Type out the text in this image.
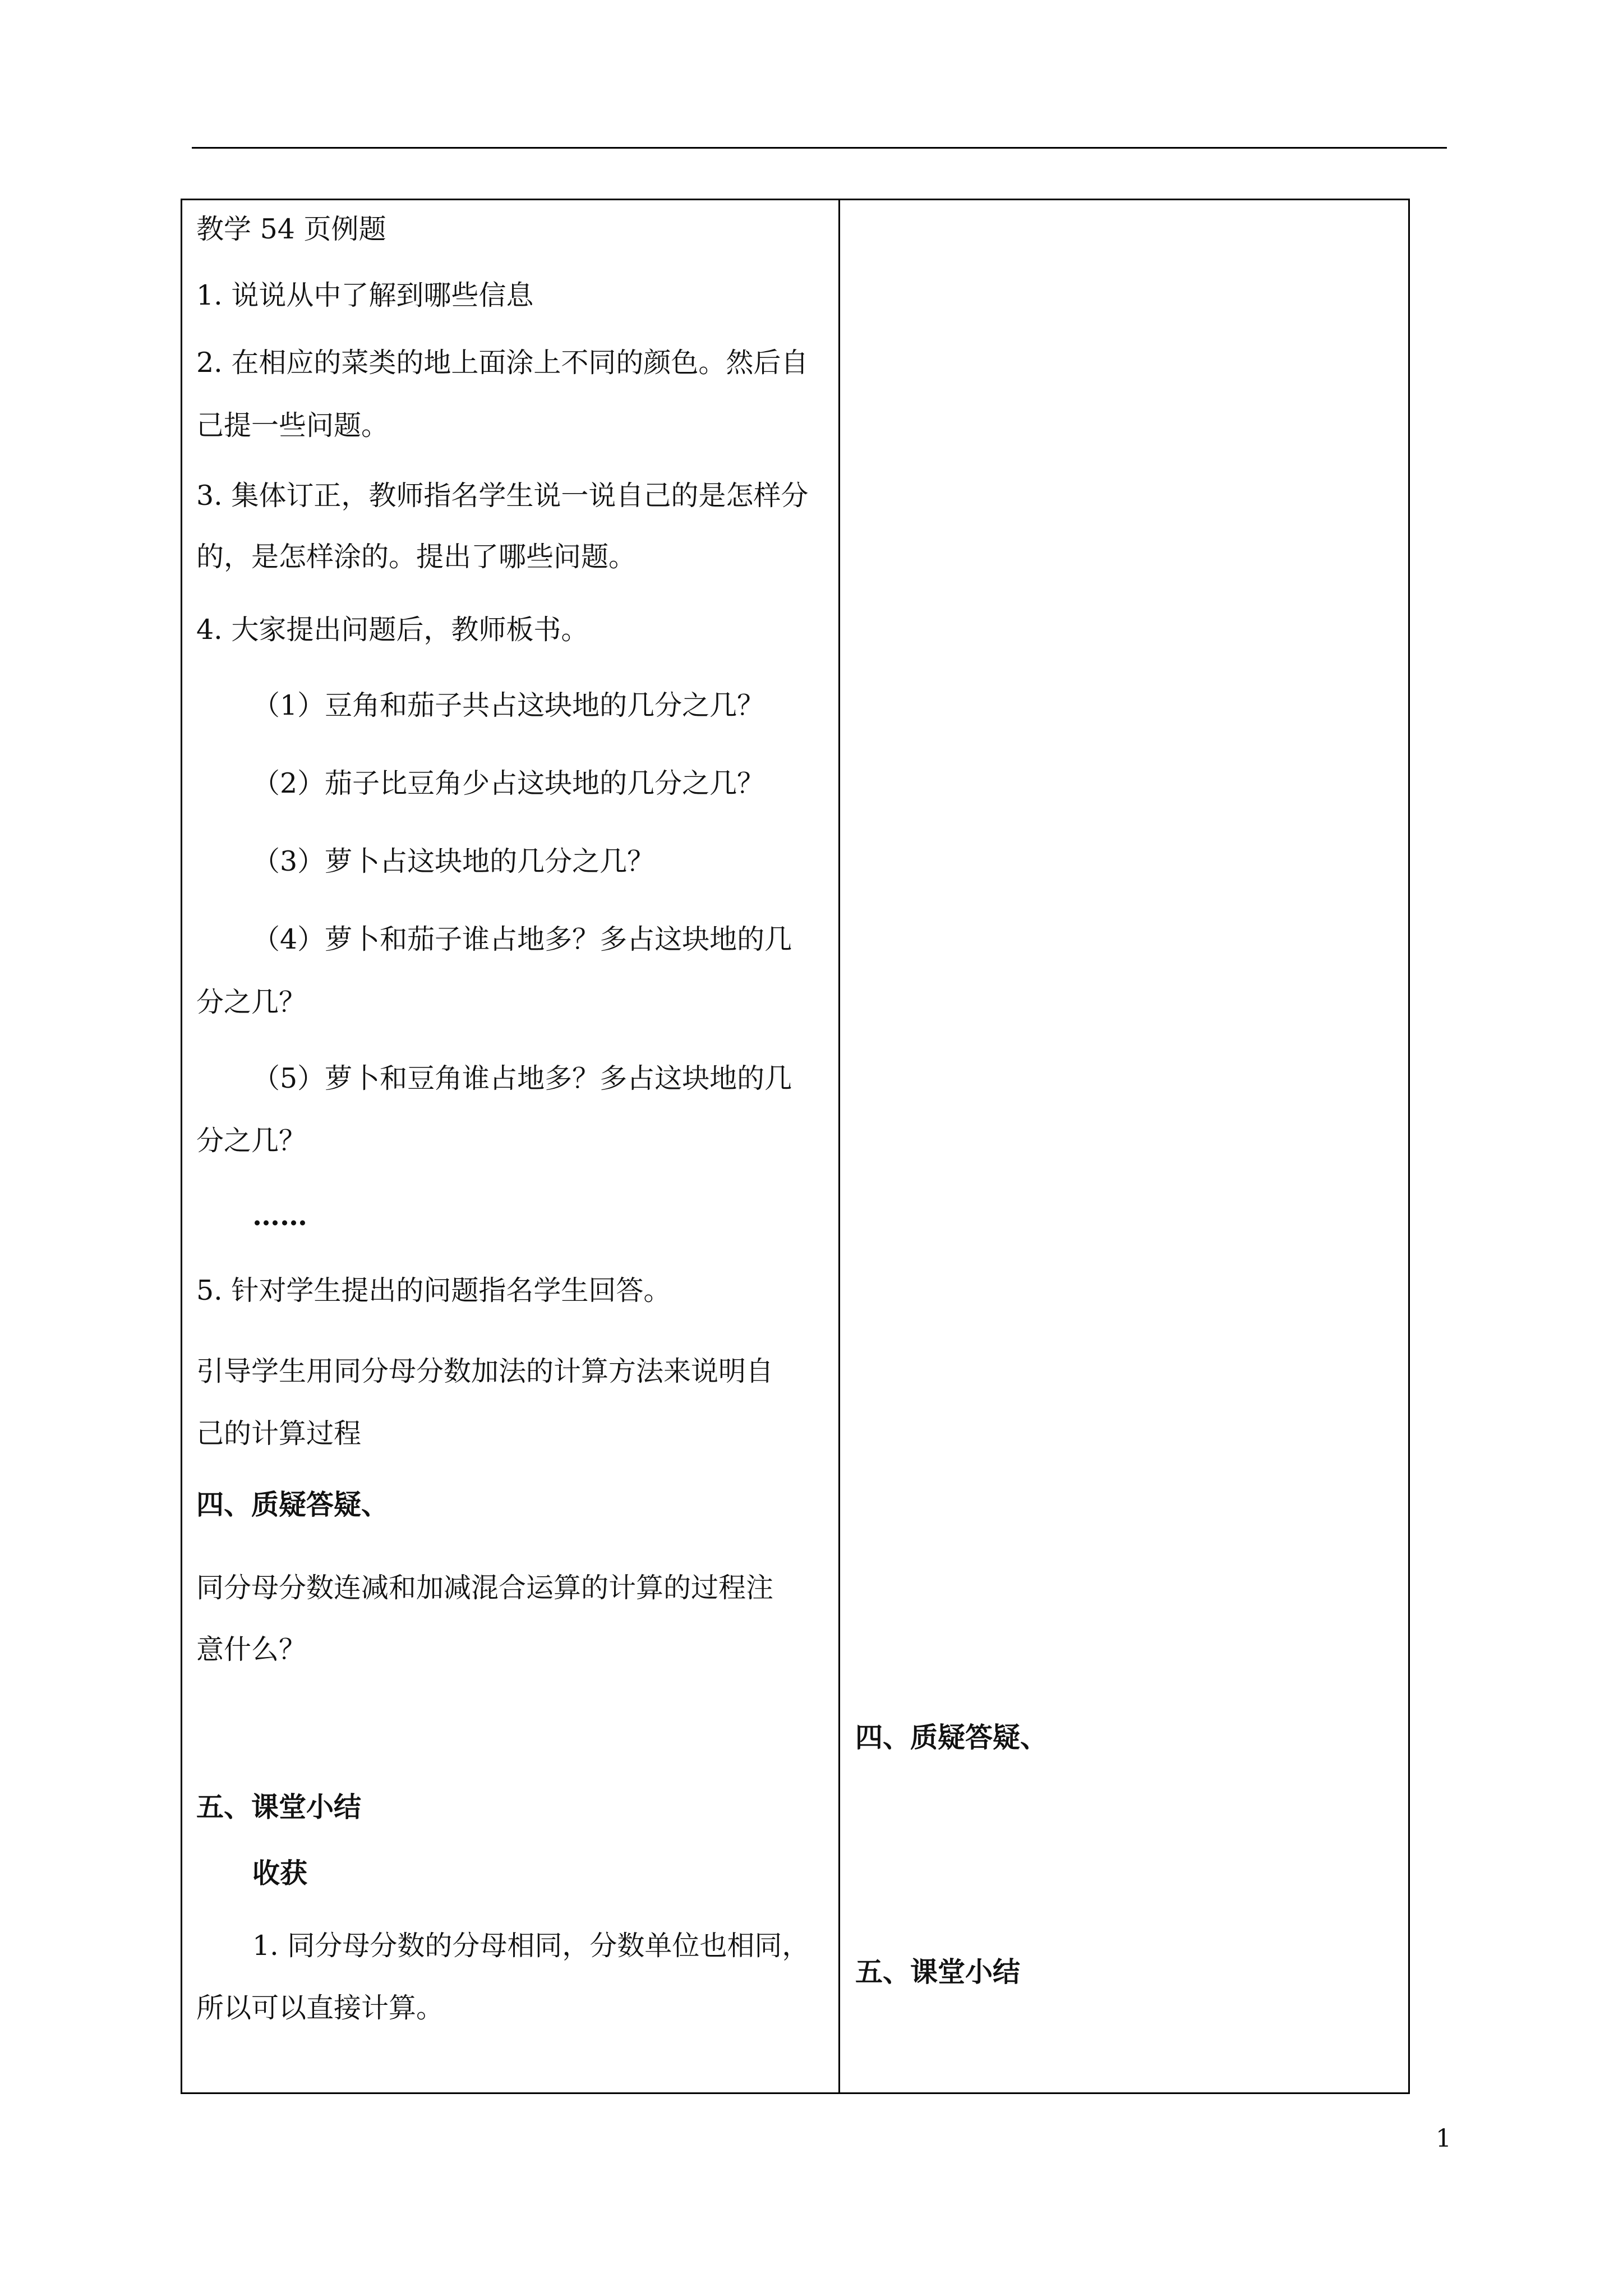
教学 54 页例题
1. 说说从中了解到哪些信息
2. 在相应的菜类的地上面涂上不同的颜色。然后自
己提一些问题。
3. 集体订正，教师指名学生说一说自己的是怎样分
的，是怎样涂的。提出了哪些问题。
4. 大家提出问题后，教师板书。
（1）豆角和茄子共占这块地的几分之几？
（2）茄子比豆角少占这块地的几分之几？
（3）萝卜占这块地的几分之几？
（4）萝卜和茄子谁占地多？多占这块地的几
分之几？
（5）萝卜和豆角谁占地多？多占这块地的几
分之几？
……
5. 针对学生提出的问题指名学生回答。
引导学生用同分母分数加法的计算方法来说明自
己的计算过程
四、质疑答疑、
同分母分数连减和加减混合运算的计算的过程注
意什么？
五、课堂小结
收获
1. 同分母分数的分母相同，分数单位也相同，
所以可以直接计算。
四、质疑答疑、
五、课堂小结
1
